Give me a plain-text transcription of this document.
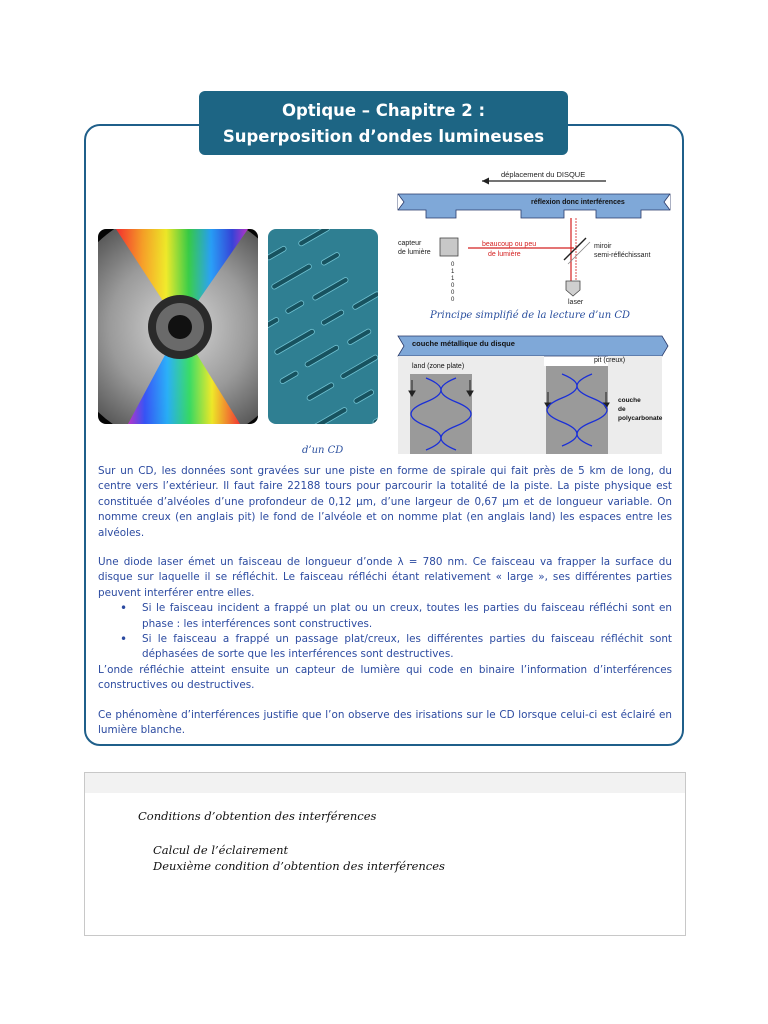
Optique – Chapitre 2 :
Superposition d’ondes lumineuses
d’un CD
déplacement du DISQUE
réflexion donc interférences
laser
capteur
de lumière
beaucoup ou peu
de lumière
miroir
semi-réfléchissant
0
1
1
0
0
0
Principe simplifié de la lecture d’un CD
couche métallique du disque
pit (creux)
land (zone plate)
couche
de
polycarbonate

Sur un CD, les données sont gravées sur une piste en forme de spirale qui fait près de 5 km de long, du centre vers l’extérieur. Il faut faire 22188 tours pour parcourir la totalité de la piste. La piste physique est constituée d’alvéoles d’une profondeur de 0,12 μm, d’une largeur de 0,67 μm et de longueur variable. On nomme creux (en anglais pit) le fond de l’alvéole et on nomme plat (en anglais land) les espaces entre les alvéoles.

Une diode laser émet un faisceau de longueur d’onde λ = 780 nm. Ce faisceau va frapper la surface du disque sur laquelle il se réfléchit. Le faisceau réfléchi étant relativement « large », ses différentes parties peuvent interférer entre elles.

• Si le faisceau incident a frappé un plat ou un creux, toutes les parties du faisceau réfléchi sont en phase : les interférences sont constructives.
• Si le faisceau a frappé un passage plat/creux, les différentes parties du faisceau réfléchit sont déphasées de sorte que les interférences sont destructives.

L’onde réfléchie atteint ensuite un capteur de lumière qui code en binaire l’information d’interférences constructives ou destructives.

Ce phénomène d’interférences justifie que l’on observe des irisations sur le CD lorsque celui-ci est éclairé en lumière blanche.

Conditions d’obtention des interférences
Calcul de l’éclairement
Deuxième condition d’obtention des interférences
